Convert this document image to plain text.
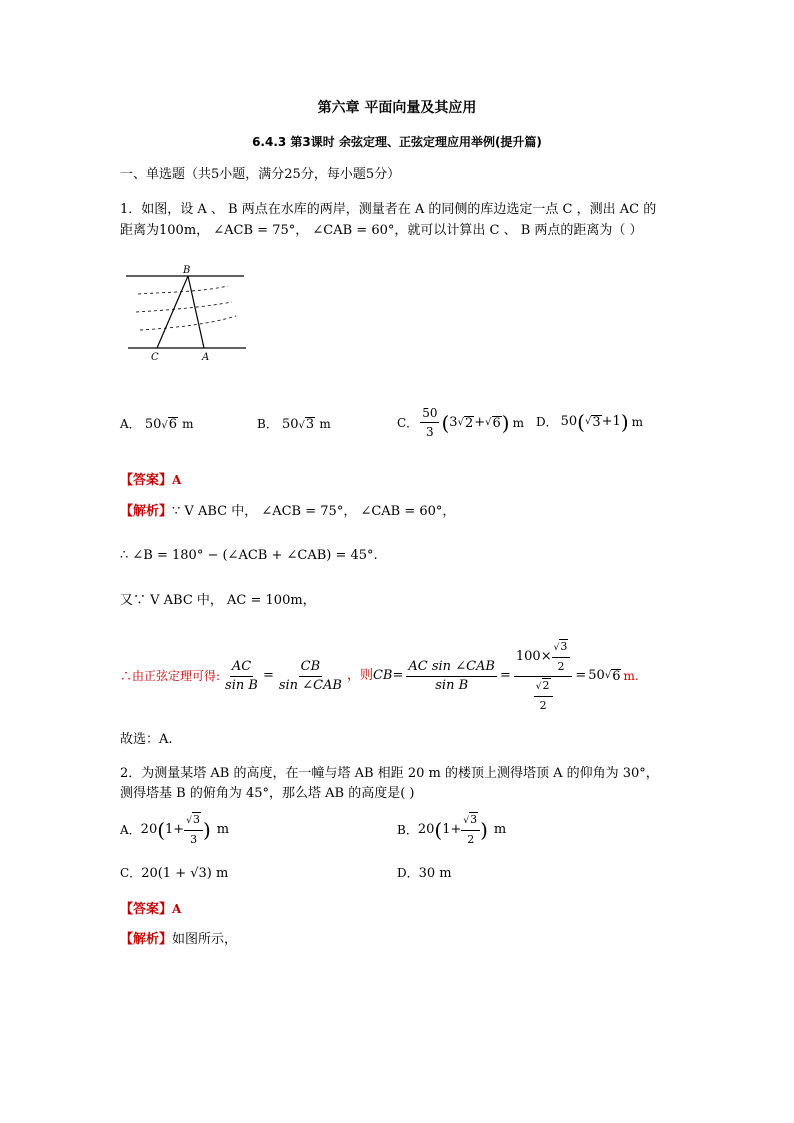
第六章 平面向量及其应用
6.4.3 第3课时 余弦定理、正弦定理应用举例(提升篇)
一、单选题（共5小题，满分25分，每小题5分）
1．如图，设 A 、 B 两点在水库的两岸，测量者在 A 的同侧的库边选定一点 C ，测出 AC 的
距离为100m， ∠ACB = 75°， ∠CAB = 60°，就可以计算出 C 、 B 两点的距离为（ ）
B
C	A
A． 50√6 m	B． 50√3 m	C． $\frac{50}{3}$ ( 3 √ 2 + √ 6 ) m D． 50 ( √ 3 +1 ) m
【答案】A
【解析】∵ V ABC 中， ∠ACB = 75°， ∠CAB = 60°，
∴ ∠B = 180° − (∠ACB + ∠CAB) = 45°.
又∵ V ABC 中， AC = 100m，
∴由正弦定理可得: $\frac{AC}{\text{sin B}} = \frac{CB}{\text{sin ∠CAB}}$ ，则 CB = $\frac{\text{AC sin ∠CAB}}{\text{sin B}} = \frac{100\times \frac{√3}{2}}{\frac{√2}{2}} = 50$ √ 6 m.
故选：A.
2．为测量某塔 AB 的高度，在一幢与塔 AB 相距 20 m 的楼顶上测得塔顶 A 的仰角为 30°，
测得塔基 B 的俯角为 45°，那么塔 AB 的高度是( )
A． 20 ( $1+ \frac{√3}{3}$ ) m	B． 20 ( $1+ \frac{√3}{2}$ ) m
C．20(1 + √3) m	D．30 m
【答案】A
【解析】如图所示，
